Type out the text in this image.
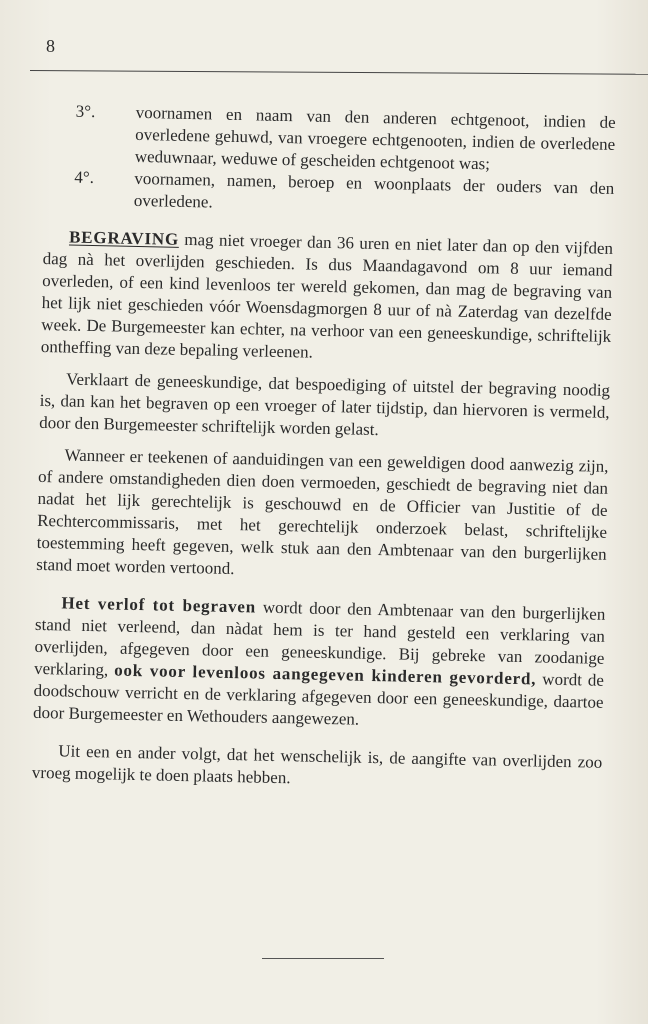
8
3°.	voornamen en naam van den anderen echtgenoot, indien de overledene gehuwd, van vroegere echtgenooten, indien de overledene weduwnaar, weduwe of gescheiden echtgenoot was;
4°.	voornamen, namen, beroep en woonplaats der ouders van den overledene.

BEGRAVING mag niet vroeger dan 36 uren en niet later dan op den vijfden dag nà het overlijden geschieden. Is dus Maandagavond om 8 uur iemand overleden, of een kind levenloos ter wereld gekomen, dan mag de begraving van het lijk niet geschieden vóór Woensdagmorgen 8 uur of nà Zaterdag van dezelfde week. De Burgemeester kan echter, na verhoor van een geneeskundige, schriftelijk ontheffing van deze bepaling verleenen.

Verklaart de geneeskundige, dat bespoediging of uitstel der begraving noodig is, dan kan het begraven op een vroeger of later tijdstip, dan hiervoren is vermeld, door den Burgemeester schriftelijk worden gelast.

Wanneer er teekenen of aanduidingen van een geweldigen dood aanwezig zijn, of andere omstandigheden dien doen vermoeden, geschiedt de begraving niet dan nadat het lijk gerechtelijk is geschouwd en de Officier van Justitie of de Rechtercommissaris, met het gerechtelijk onderzoek belast, schriftelijke toestemming heeft gegeven, welk stuk aan den Ambtenaar van den burgerlijken stand moet worden vertoond.

Het verlof tot begraven wordt door den Ambtenaar van den burgerlijken stand niet verleend, dan nàdat hem is ter hand gesteld een verklaring van overlijden, afgegeven door een geneeskundige. Bij gebreke van zoodanige verklaring, ook voor levenloos aangegeven kinderen gevorderd, wordt de doodschouw verricht en de verklaring afgegeven door een geneeskundige, daartoe door Burgemeester en Wethouders aangewezen.

Uit een en ander volgt, dat het wenschelijk is, de aangifte van overlijden zoo vroeg mogelijk te doen plaats hebben.
